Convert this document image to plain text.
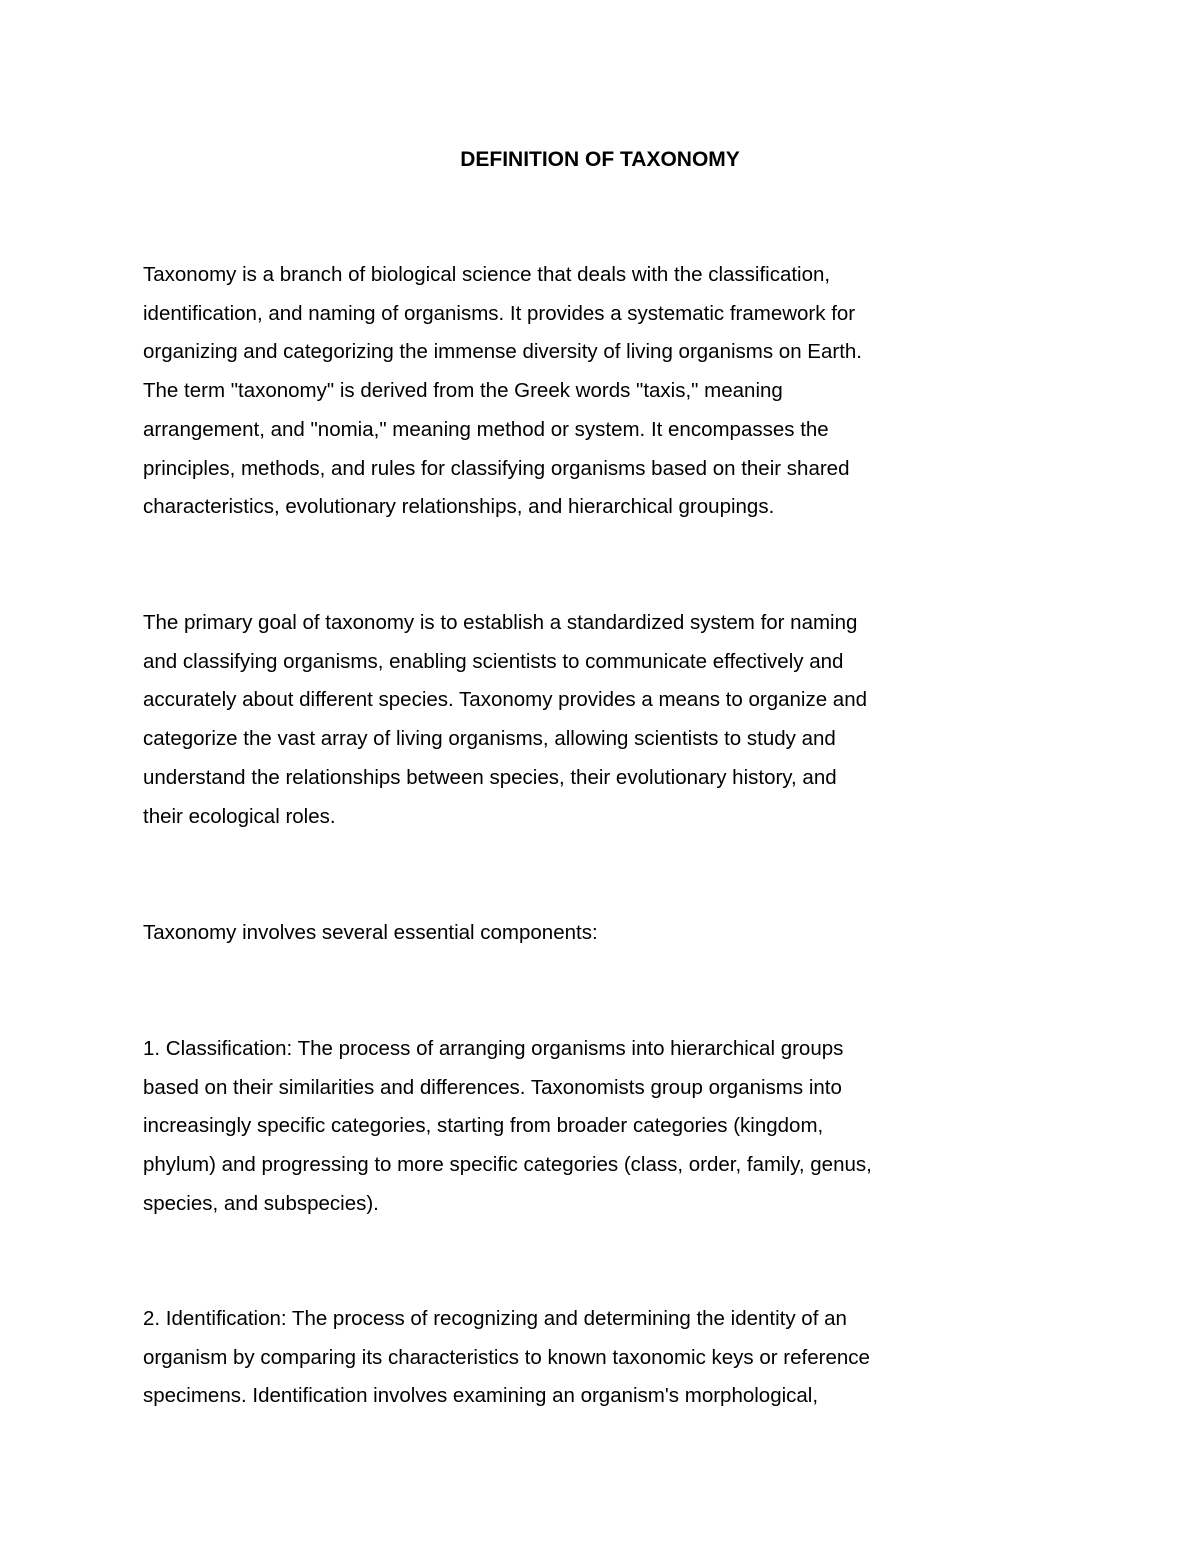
DEFINITION OF TAXONOMY

Taxonomy is a branch of biological science that deals with the classification,
identification, and naming of organisms. It provides a systematic framework for
organizing and categorizing the immense diversity of living organisms on Earth.
The term "taxonomy" is derived from the Greek words "taxis," meaning
arrangement, and "nomia," meaning method or system. It encompasses the
principles, methods, and rules for classifying organisms based on their shared
characteristics, evolutionary relationships, and hierarchical groupings.

The primary goal of taxonomy is to establish a standardized system for naming
and classifying organisms, enabling scientists to communicate effectively and
accurately about different species. Taxonomy provides a means to organize and
categorize the vast array of living organisms, allowing scientists to study and
understand the relationships between species, their evolutionary history, and
their ecological roles.

Taxonomy involves several essential components:

1. Classification: The process of arranging organisms into hierarchical groups
based on their similarities and differences. Taxonomists group organisms into
increasingly specific categories, starting from broader categories (kingdom,
phylum) and progressing to more specific categories (class, order, family, genus,
species, and subspecies).

2. Identification: The process of recognizing and determining the identity of an
organism by comparing its characteristics to known taxonomic keys or reference
specimens. Identification involves examining an organism's morphological,
